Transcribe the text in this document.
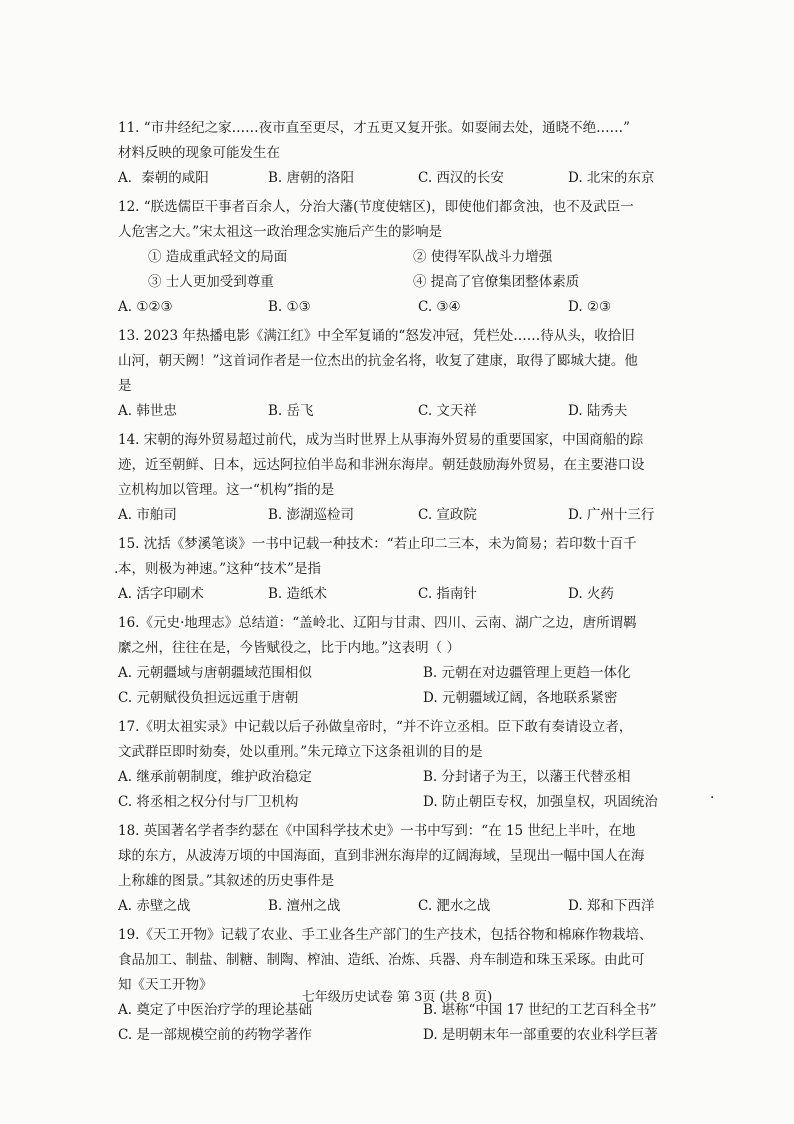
11. “市井经纪之家……夜市直至更尽，才五更又复开张。如耍闹去处，通晓不绝……”
材料反映的现象可能发生在
A．秦朝的咸阳	B. 唐朝的洛阳	C. 西汉的长安	D. 北宋的东京
12. “朕选儒臣干事者百余人，分治大藩(节度使辖区)，即使他们都贪浊，也不及武臣一
人危害之大。”宋太祖这一政治理念实施后产生的影响是
① 造成重武轻文的局面	② 使得军队战斗力增强
③ 士人更加受到尊重	④ 提高了官僚集团整体素质
A. ①②③	B. ①③	C. ③④	D. ②③
13. 2023 年热播电影《满江红》中全军复诵的“怒发冲冠，凭栏处……待从头，收拾旧
山河，朝天阙！”这首词作者是一位杰出的抗金名将，收复了建康，取得了郾城大捷。他
是
A. 韩世忠	B. 岳飞	C. 文天祥	D. 陆秀夫
14. 宋朝的海外贸易超过前代，成为当时世界上从事海外贸易的重要国家，中国商船的踪
迹，近至朝鲜、日本，远达阿拉伯半岛和非洲东海岸。朝廷鼓励海外贸易，在主要港口设
立机构加以管理。这一“机构”指的是
A. 市舶司	B. 澎湖巡检司	C. 宣政院	D. 广州十三行
15. 沈括《梦溪笔谈》一书中记载一种技术：“若止印二三本，未为简易；若印数十百千
本，则极为神速。”这种“技术”是指
A. 活字印刷术	B. 造纸术	C. 指南针	D. 火药
16.《元史·地理志》总结道：“盖岭北、辽阳与甘肃、四川、云南、湖广之边，唐所谓羁
縻之州，往往在是，今皆赋役之，比于内地。”这表明（ ）
A. 元朝疆域与唐朝疆域范围相似	B. 元朝在对边疆管理上更趋一体化
C. 元朝赋役负担远远重于唐朝	D. 元朝疆域辽阔，各地联系紧密
17.《明太祖实录》中记载以后子孙做皇帝时，“并不许立丞相。臣下敢有奏请设立者，
文武群臣即时劾奏，处以重刑。”朱元璋立下这条祖训的目的是
A. 继承前朝制度，维护政治稳定	B. 分封诸子为王，以藩王代替丞相
C. 将丞相之权分付与厂卫机构	D. 防止朝臣专权，加强皇权，巩固统治
18. 英国著名学者李约瑟在《中国科学技术史》一书中写到：“在 15 世纪上半叶，在地
球的东方，从波涛万顷的中国海面，直到非洲东海岸的辽阔海域，呈现出一幅中国人在海
上称雄的图景。”其叙述的历史事件是
A. 赤壁之战	B. 澶州之战	C. 淝水之战	D. 郑和下西洋
19.《天工开物》记载了农业、手工业各生产部门的生产技术，包括谷物和棉麻作物栽培、
食品加工、制盐、制糖、制陶、榨油、造纸、冶炼、兵器、舟车制造和珠玉采琢。由此可
知《天工开物》
A. 奠定了中医治疗学的理论基础	B. 堪称“中国 17 世纪的工艺百科全书”
C. 是一部规模空前的药物学著作	D. 是明朝末年一部重要的农业科学巨著
·
·
七年级历史试卷 第 3页 (共 8 页)
